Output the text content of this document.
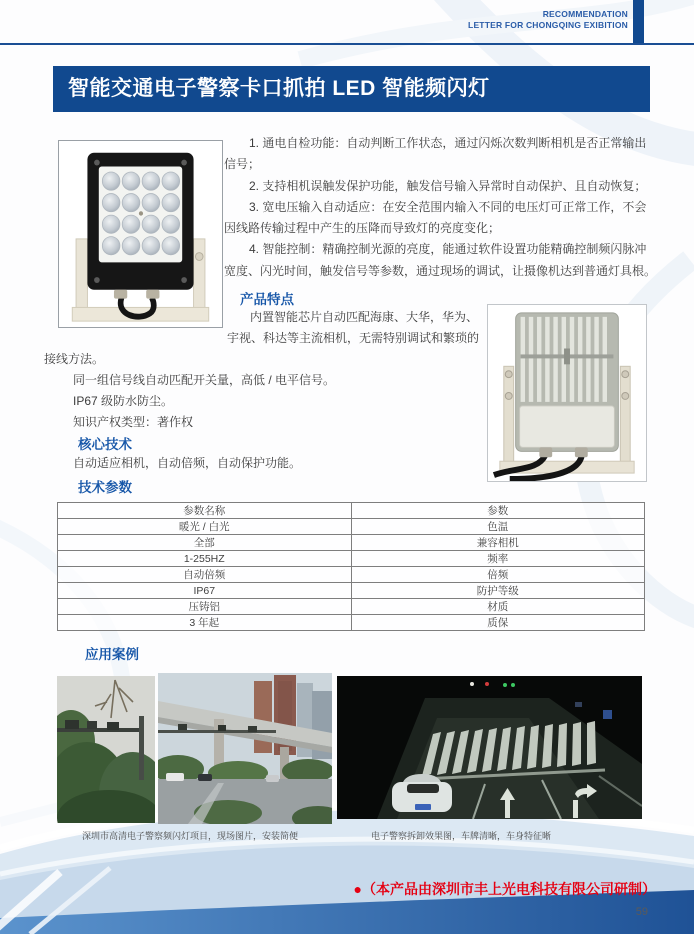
RECOMMENDATION
LETTER FOR CHONGQING EXIBITION
智能交通电子警察卡口抓拍 LED 智能频闪灯
1. 通电自检功能：自动判断工作状态，通过闪烁次数判断相机是否正常输出
信号；
2. 支持相机误触发保护功能，触发信号输入异常时自动保护、且自动恢复；
3. 宽电压输入自动适应：在安全范围内输入不同的电压灯可正常工作，不会
因线路传输过程中产生的压降而导致灯的亮度变化；
4. 智能控制：精确控制光源的亮度，能通过软件设置功能精确控制频闪脉冲
宽度、闪光时间，触发信号等参数，通过现场的调试，让摄像机达到普通灯具根。
产品特点
内置智能芯片自动匹配海康、大华，华为、
宇视、科达等主流相机，无需特别调试和繁琐的
接线方法。
同一组信号线自动匹配开关量，高低 / 电平信号。
IP67 级防水防尘。
知识产权类型：著作权
核心技术
自动适应相机，自动倍频，自动保护功能。
技术参数
参数名称	参数
暖光 / 白光	色温
全部	兼容相机
1-255HZ	频率
自动倍频	倍频
IP67	防护等级
压铸铝	材质
3 年起	质保
应用案例
深圳市高清电子警察频闪灯项目，现场图片，安装简便	电子警察拆卸效果图，车牌清晰，车身特征晰
●（本产品由深圳市丰上光电科技有限公司研制）
59
